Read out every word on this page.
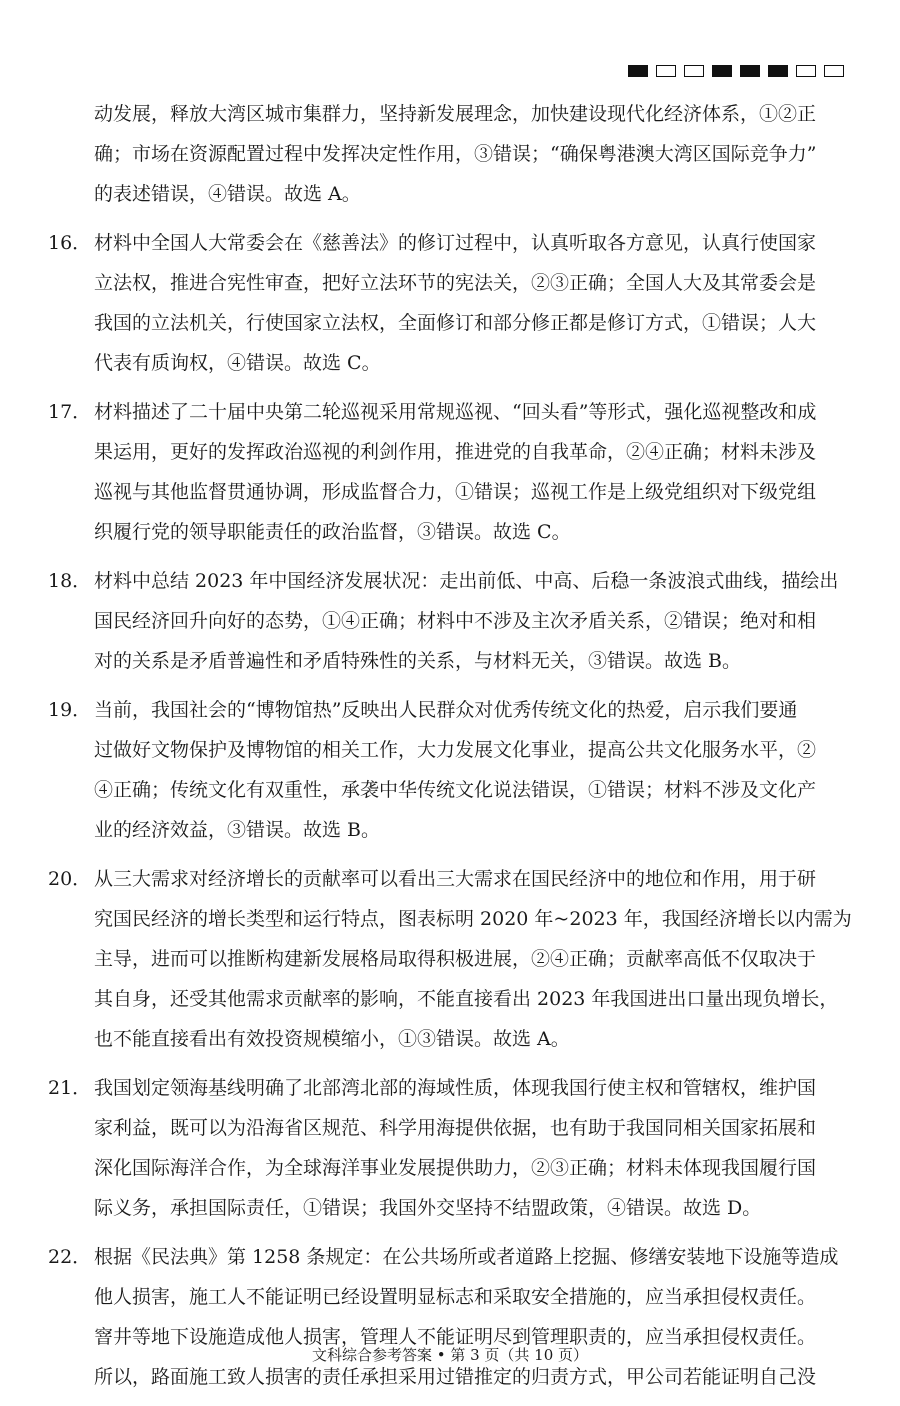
动发展，释放大湾区城市集群力，坚持新发展理念，加快建设现代化经济体系，①②正
确；市场在资源配置过程中发挥决定性作用，③错误；“确保粤港澳大湾区国际竞争力”
的表述错误，④错误。故选 A。
16． 材料中全国人大常委会在《慈善法》的修订过程中，认真听取各方意见，认真行使国家
立法权，推进合宪性审查，把好立法环节的宪法关，②③正确；全国人大及其常委会是
我国的立法机关，行使国家立法权，全面修订和部分修正都是修订方式，①错误；人大
代表有质询权，④错误。故选 C。
17． 材料描述了二十届中央第二轮巡视采用常规巡视、“回头看”等形式，强化巡视整改和成
果运用，更好的发挥政治巡视的利剑作用，推进党的自我革命，②④正确；材料未涉及
巡视与其他监督贯通协调，形成监督合力，①错误；巡视工作是上级党组织对下级党组
织履行党的领导职能责任的政治监督，③错误。故选 C。
18． 材料中总结 2023 年中国经济发展状况：走出前低、中高、后稳一条波浪式曲线，描绘出
国民经济回升向好的态势，①④正确；材料中不涉及主次矛盾关系，②错误；绝对和相
对的关系是矛盾普遍性和矛盾特殊性的关系，与材料无关，③错误。故选 B。
19． 当前，我国社会的“博物馆热”反映出人民群众对优秀传统文化的热爱，启示我们要通
过做好文物保护及博物馆的相关工作，大力发展文化事业，提高公共文化服务水平，②
④正确；传统文化有双重性，承袭中华传统文化说法错误，①错误；材料不涉及文化产
业的经济效益，③错误。故选 B。
20． 从三大需求对经济增长的贡献率可以看出三大需求在国民经济中的地位和作用，用于研
究国民经济的增长类型和运行特点，图表标明 2020 年~2023 年，我国经济增长以内需为
主导，进而可以推断构建新发展格局取得积极进展，②④正确；贡献率高低不仅取决于
其自身，还受其他需求贡献率的影响，不能直接看出 2023 年我国进出口量出现负增长，
也不能直接看出有效投资规模缩小，①③错误。故选 A。
21． 我国划定领海基线明确了北部湾北部的海域性质，体现我国行使主权和管辖权，维护国
家利益，既可以为沿海省区规范、科学用海提供依据，也有助于我国同相关国家拓展和
深化国际海洋合作，为全球海洋事业发展提供助力，②③正确；材料未体现我国履行国
际义务，承担国际责任，①错误；我国外交坚持不结盟政策，④错误。故选 D。
22． 根据《民法典》第 1258 条规定：在公共场所或者道路上挖掘、修缮安装地下设施等造成
他人损害，施工人不能证明已经设置明显标志和采取安全措施的，应当承担侵权责任。
窨井等地下设施造成他人损害，管理人不能证明尽到管理职责的，应当承担侵权责任。
所以，路面施工致人损害的责任承担采用过错推定的归责方式，甲公司若能证明自己没
文科综合参考答案 • 第 3 页（共 10 页）
